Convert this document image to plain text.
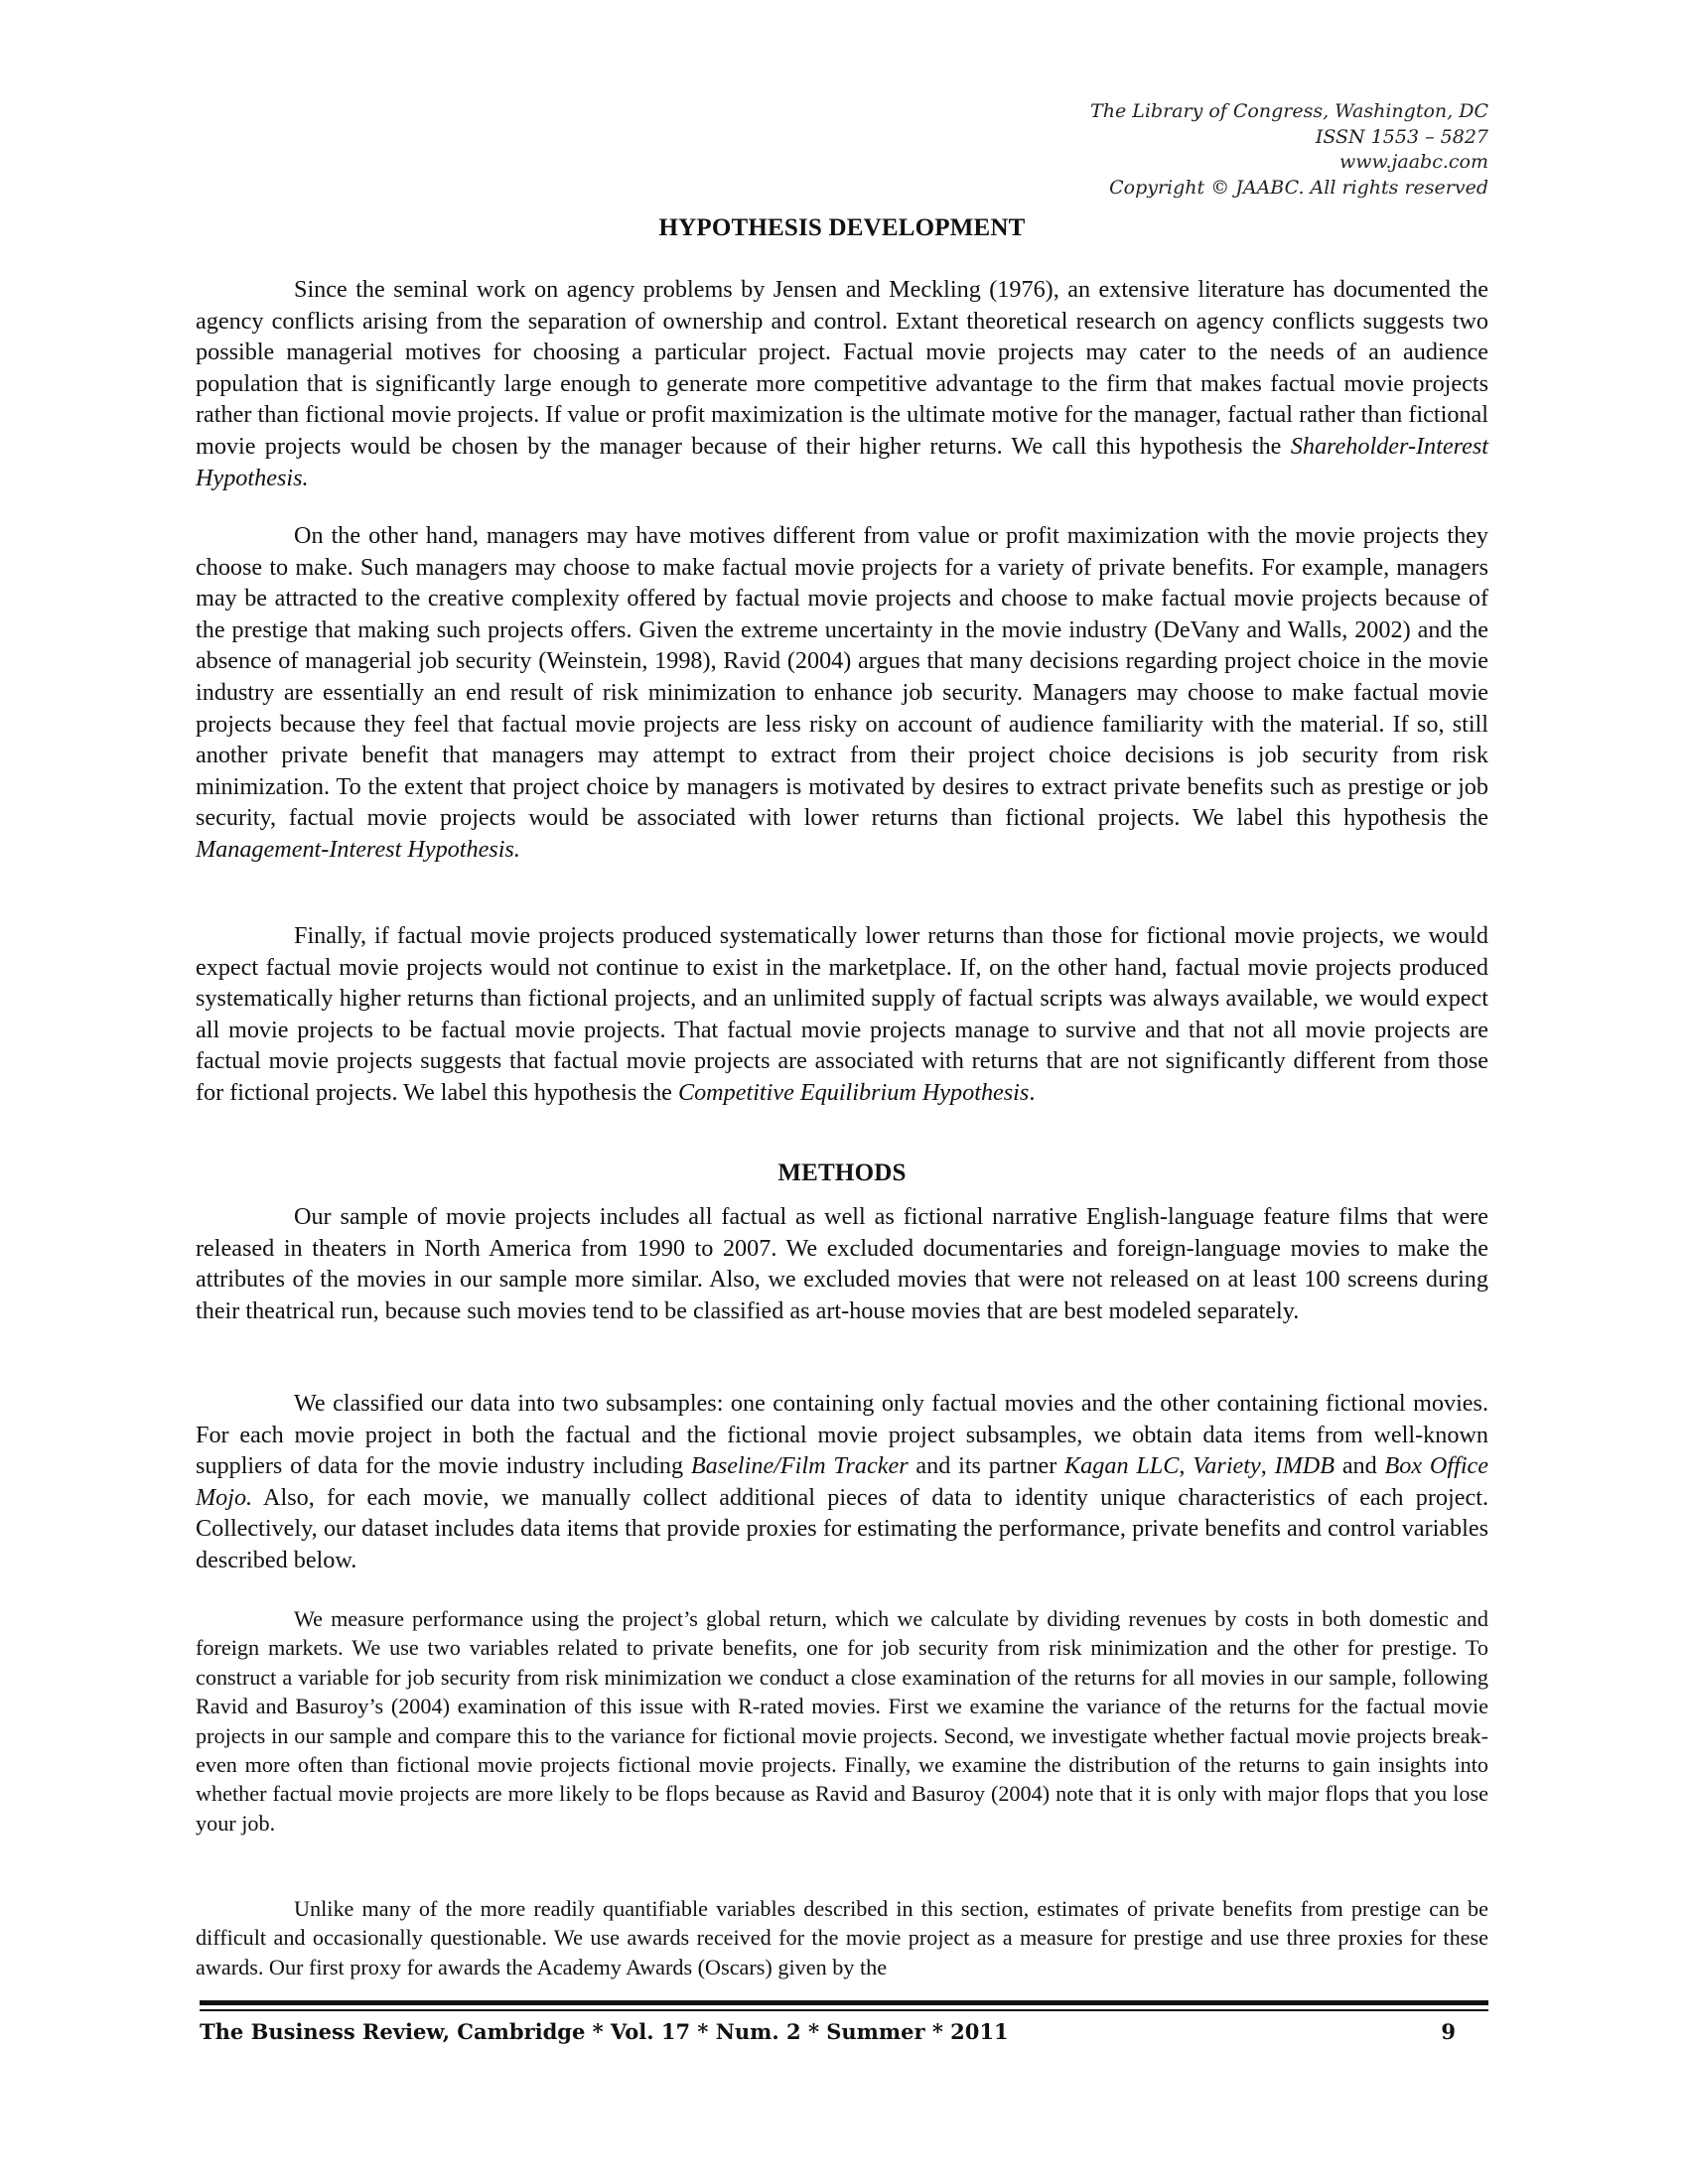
The Library of Congress, Washington, DC
ISSN 1553 – 5827
www.jaabc.com
Copyright © JAABC. All rights reserved
HYPOTHESIS DEVELOPMENT

Since the seminal work on agency problems by Jensen and Meckling (1976), an extensive literature has documented the agency conflicts arising from the separation of ownership and control. Extant theoretical research on agency conflicts suggests two possible managerial motives for choosing a particular project. Factual movie projects may cater to the needs of an audience population that is significantly large enough to generate more competitive advantage to the firm that makes factual movie projects rather than fictional movie projects. If value or profit maximization is the ultimate motive for the manager, factual rather than fictional movie projects would be chosen by the manager because of their higher returns. We call this hypothesis the Shareholder-Interest Hypothesis.

On the other hand, managers may have motives different from value or profit maximization with the movie projects they choose to make. Such managers may choose to make factual movie projects for a variety of private benefits. For example, managers may be attracted to the creative complexity offered by factual movie projects and choose to make factual movie projects because of the prestige that making such projects offers. Given the extreme uncertainty in the movie industry (DeVany and Walls, 2002) and the absence of managerial job security (Weinstein, 1998), Ravid (2004) argues that many decisions regarding project choice in the movie industry are essentially an end result of risk minimization to enhance job security. Managers may choose to make factual movie projects because they feel that factual movie projects are less risky on account of audience familiarity with the material. If so, still another private benefit that managers may attempt to extract from their project choice decisions is job security from risk minimization. To the extent that project choice by managers is motivated by desires to extract private benefits such as prestige or job security, factual movie projects would be associated with lower returns than fictional projects. We label this hypothesis the Management-Interest Hypothesis.

Finally, if factual movie projects produced systematically lower returns than those for fictional movie projects, we would expect factual movie projects would not continue to exist in the marketplace. If, on the other hand, factual movie projects produced systematically higher returns than fictional projects, and an unlimited supply of factual scripts was always available, we would expect all movie projects to be factual movie projects. That factual movie projects manage to survive and that not all movie projects are factual movie projects suggests that factual movie projects are associated with returns that are not significantly different from those for fictional projects. We label this hypothesis the Competitive Equilibrium Hypothesis.

METHODS

Our sample of movie projects includes all factual as well as fictional narrative English-language feature films that were released in theaters in North America from 1990 to 2007. We excluded documentaries and foreign-language movies to make the attributes of the movies in our sample more similar. Also, we excluded movies that were not released on at least 100 screens during their theatrical run, because such movies tend to be classified as art-house movies that are best modeled separately.

We classified our data into two subsamples: one containing only factual movies and the other containing fictional movies. For each movie project in both the factual and the fictional movie project subsamples, we obtain data items from well-known suppliers of data for the movie industry including Baseline/Film Tracker and its partner Kagan LLC, Variety, IMDB and Box Office Mojo. Also, for each movie, we manually collect additional pieces of data to identity unique characteristics of each project. Collectively, our dataset includes data items that provide proxies for estimating the performance, private benefits and control variables described below.

We measure performance using the project’s global return, which we calculate by dividing revenues by costs in both domestic and foreign markets. We use two variables related to private benefits, one for job security from risk minimization and the other for prestige. To construct a variable for job security from risk minimization we conduct a close examination of the returns for all movies in our sample, following Ravid and Basuroy’s (2004) examination of this issue with R-rated movies. First we examine the variance of the returns for the factual movie projects in our sample and compare this to the variance for fictional movie projects. Second, we investigate whether factual movie projects break-even more often than fictional movie projects fictional movie projects. Finally, we examine the distribution of the returns to gain insights into whether factual movie projects are more likely to be flops because as Ravid and Basuroy (2004) note that it is only with major flops that you lose your job.

Unlike many of the more readily quantifiable variables described in this section, estimates of private benefits from prestige can be difficult and occasionally questionable. We use awards received for the movie project as a measure for prestige and use three proxies for these awards. Our first proxy for awards the Academy Awards (Oscars) given by the

The Business Review, Cambridge * Vol. 17 * Num. 2 * Summer * 2011	9
